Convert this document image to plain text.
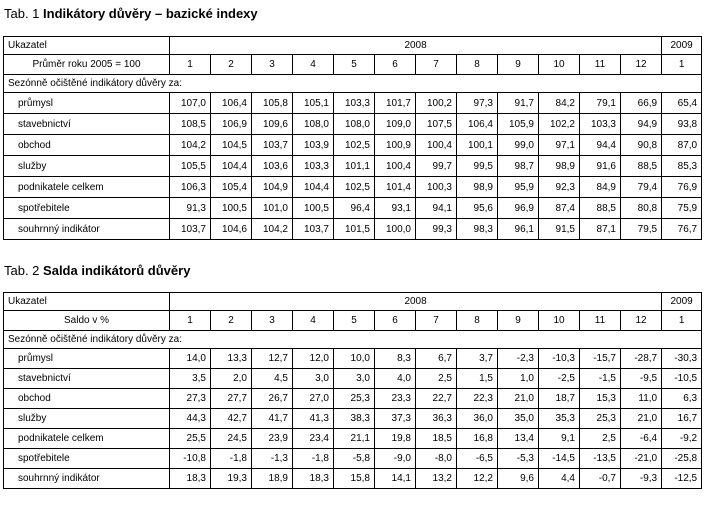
Tab. 1 Indikátory důvěry – bazické indexy
Ukazatel	2008												2009
Průměr roku 2005 = 100	1	2	3	4	5	6	7	8	9	10	11	12	1
Sezónně očištěné indikátory důvěry za:													
průmysl	107,0	106,4	105,8	105,1	103,3	101,7	100,2	97,3	91,7	84,2	79,1	66,9	65,4
stavebnictví	108,5	106,9	109,6	108,0	108,0	109,0	107,5	106,4	105,9	102,2	103,3	94,9	93,8
obchod	104,2	104,5	103,7	103,9	102,5	100,9	100,4	100,1	99,0	97,1	94,4	90,8	87,0
služby	105,5	104,4	103,6	103,3	101,1	100,4	99,7	99,5	98,7	98,9	91,6	88,5	85,3
podnikatele celkem	106,3	105,4	104,9	104,4	102,5	101,4	100,3	98,9	95,9	92,3	84,9	79,4	76,9
spotřebitele	91,3	100,5	101,0	100,5	96,4	93,1	94,1	95,6	96,9	87,4	88,5	80,8	75,9
souhrnný indikátor	103,7	104,6	104,2	103,7	101,5	100,0	99,3	98,3	96,1	91,5	87,1	79,5	76,7
Tab. 2 Salda indikátorů důvěry
Ukazatel	2008												2009
Saldo v %	1	2	3	4	5	6	7	8	9	10	11	12	1
Sezónně očištěné indikátory důvěry za:													
průmysl	14,0	13,3	12,7	12,0	10,0	8,3	6,7	3,7	-2,3	-10,3	-15,7	-28,7	-30,3
stavebnictví	3,5	2,0	4,5	3,0	3,0	4,0	2,5	1,5	1,0	-2,5	-1,5	-9,5	-10,5
obchod	27,3	27,7	26,7	27,0	25,3	23,3	22,7	22,3	21,0	18,7	15,3	11,0	6,3
služby	44,3	42,7	41,7	41,3	38,3	37,3	36,3	36,0	35,0	35,3	25,3	21,0	16,7
podnikatele celkem	25,5	24,5	23,9	23,4	21,1	19,8	18,5	16,8	13,4	9,1	2,5	-6,4	-9,2
spotřebitele	-10,8	-1,8	-1,3	-1,8	-5,8	-9,0	-8,0	-6,5	-5,3	-14,5	-13,5	-21,0	-25,8
souhrnný indikátor	18,3	19,3	18,9	18,3	15,8	14,1	13,2	12,2	9,6	4,4	-0,7	-9,3	-12,5
